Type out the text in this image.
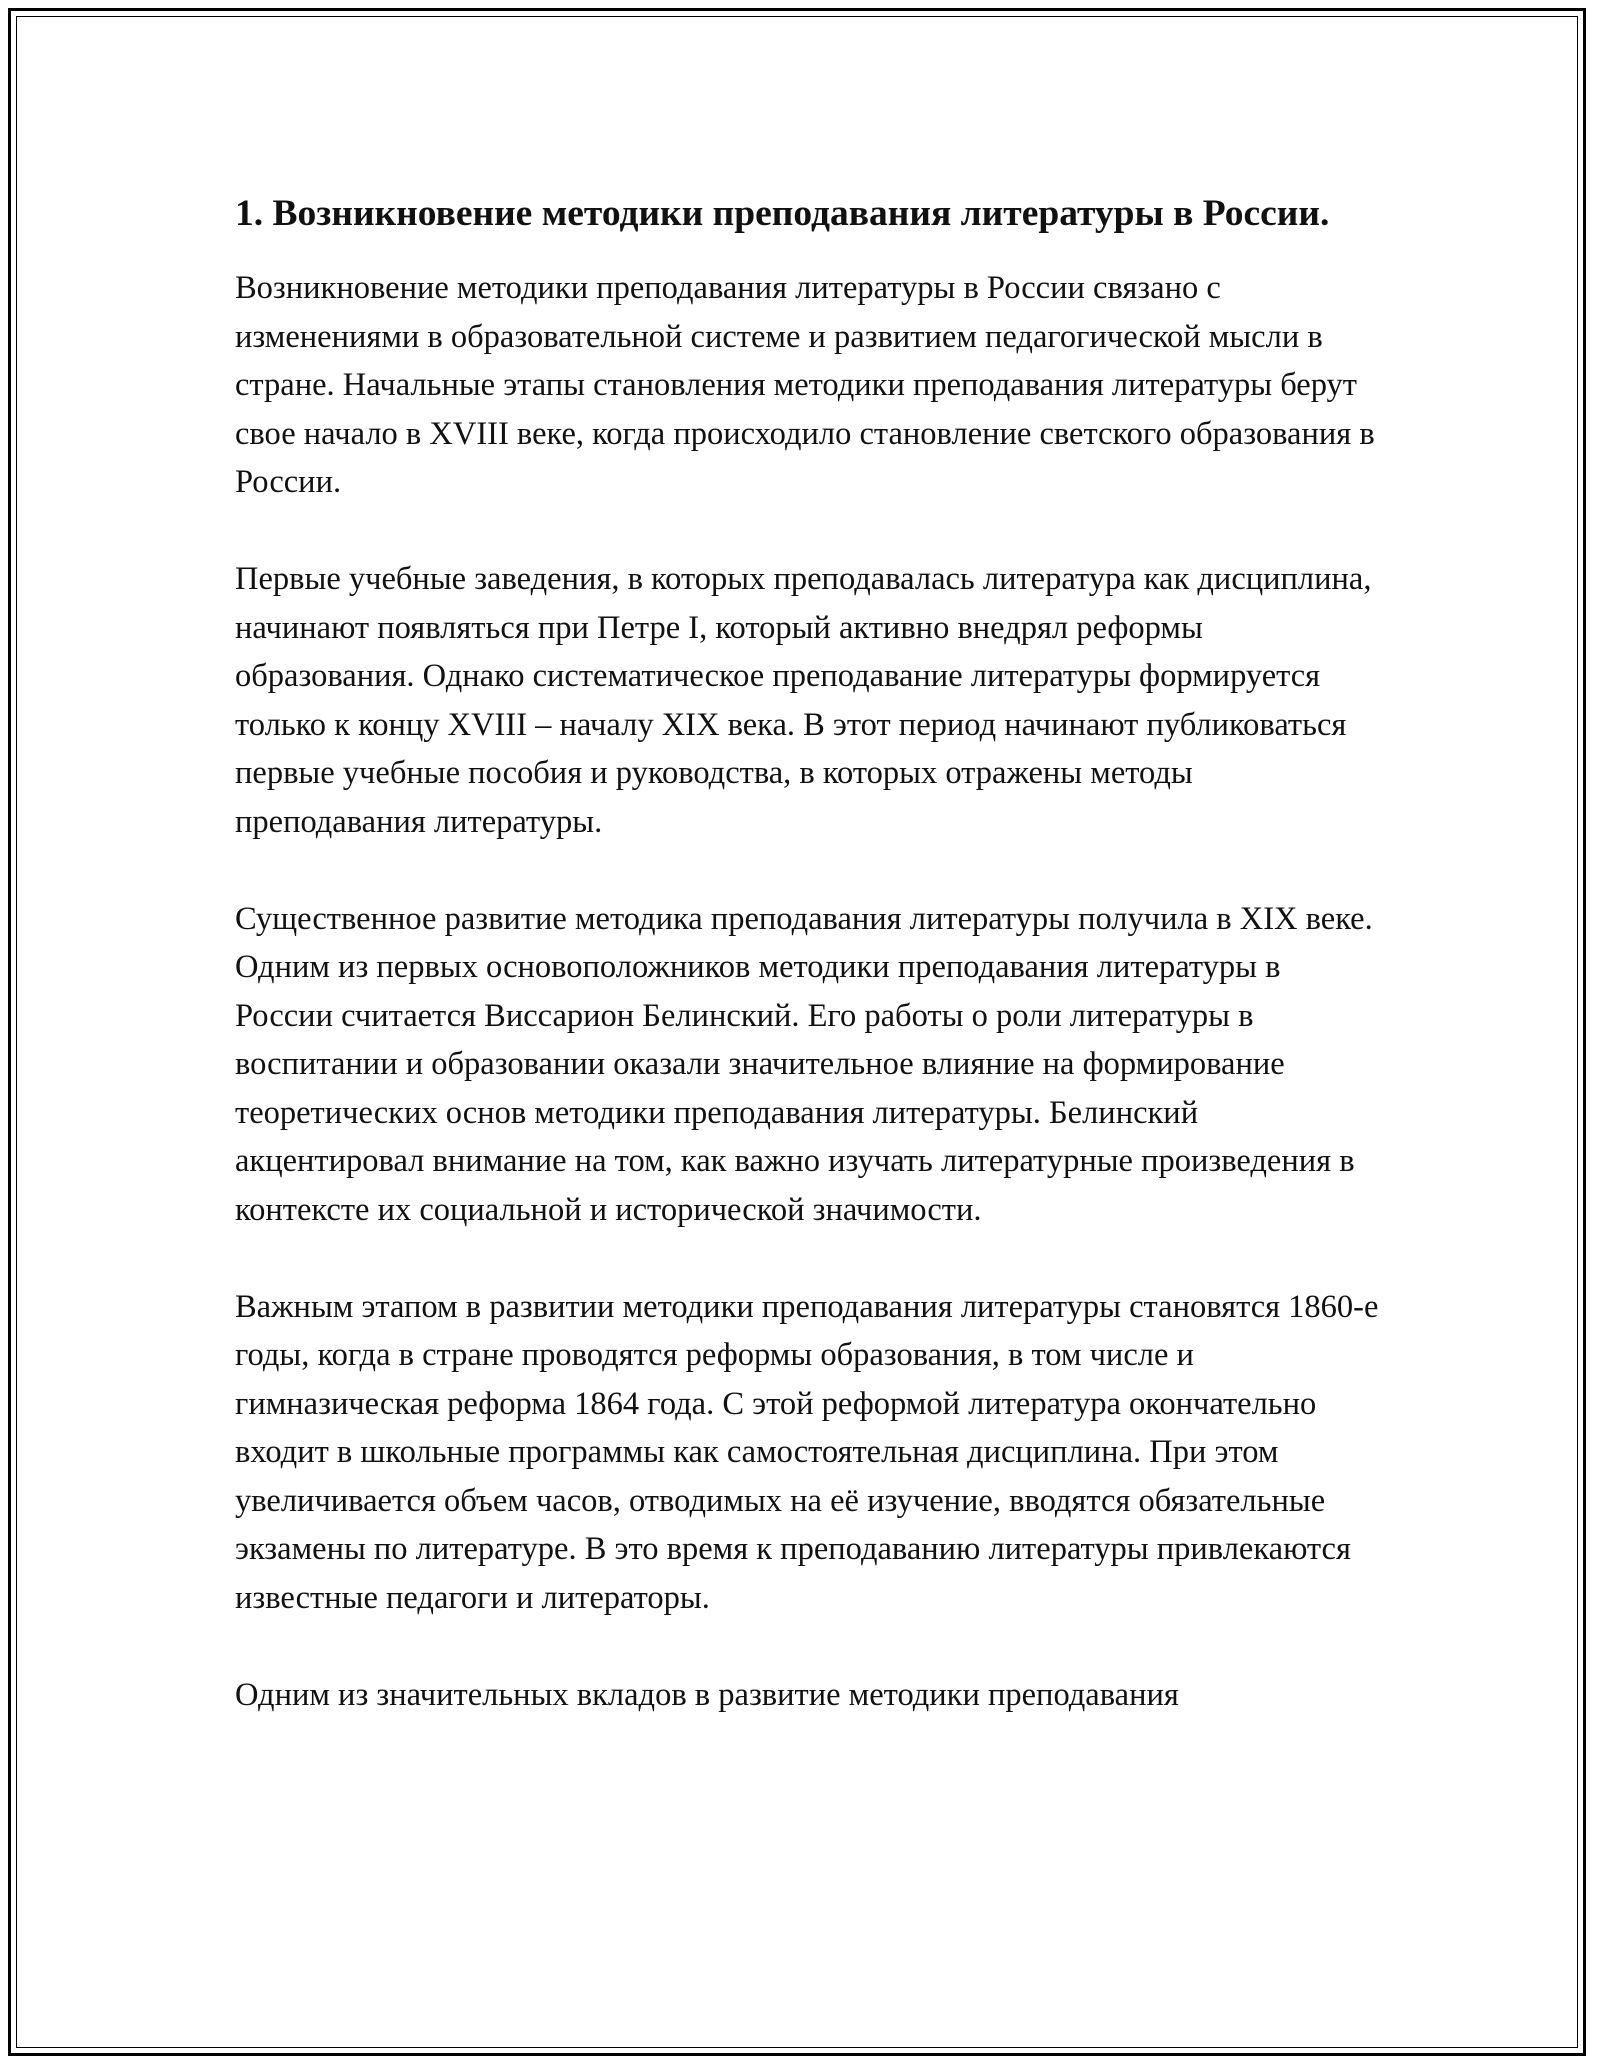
1. Возникновение методики преподавания литературы в России.

Возникновение методики преподавания литературы в России связано с изменениями в образовательной системе и развитием педагогической мысли в стране. Начальные этапы становления методики преподавания литературы берут свое начало в XVIII веке, когда происходило становление светского образования в России.

Первые учебные заведения, в которых преподавалась литература как дисциплина, начинают появляться при Петре I, который активно внедрял реформы образования. Однако систематическое преподавание литературы формируется только к концу XVIII – началу XIX века. В этот период начинают публиковаться первые учебные пособия и руководства, в которых отражены методы преподавания литературы.

Существенное развитие методика преподавания литературы получила в XIX веке. Одним из первых основоположников методики преподавания литературы в России считается Виссарион Белинский. Его работы о роли литературы в воспитании и образовании оказали значительное влияние на формирование теоретических основ методики преподавания литературы. Белинский акцентировал внимание на том, как важно изучать литературные произведения в контексте их социальной и исторической значимости.

Важным этапом в развитии методики преподавания литературы становятся 1860-е годы, когда в стране проводятся реформы образования, в том числе и гимназическая реформа 1864 года. С этой реформой литература окончательно входит в школьные программы как самостоятельная дисциплина. При этом увеличивается объем часов, отводимых на её изучение, вводятся обязательные экзамены по литературе. В это время к преподаванию литературы привлекаются известные педагоги и литераторы.

Одним из значительных вкладов в развитие методики преподавания
